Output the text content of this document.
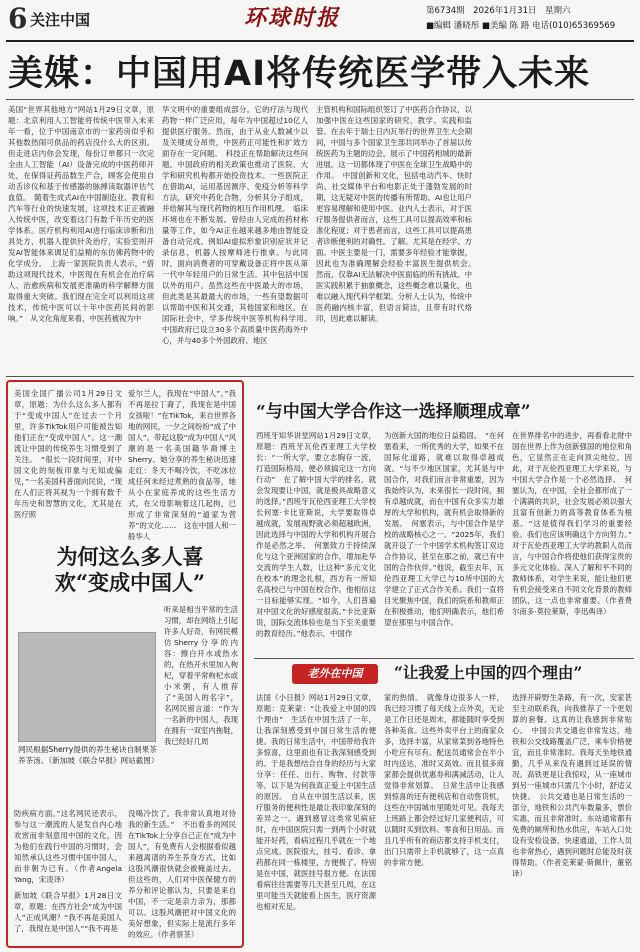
6 关注中国	环球时报	第6734期　2026年1月31日　星期六
■编辑 潘晓彤 ■美编 陈 路 电话(010)65369569
美媒：中国用AI将传统医学带入未来
美国“世界其他地方”网站1月29日文章，原题：北京利用人工智能将传统中医带入未来　年一看，位于中国南京市的一家药房似乎和其他数热闹可供品的药店没什么大的区别。但走进店内你会发现，每份订单都只一次完全由人工智能（AI）设备完成的中医药师开处，在保得证药品数生产合，顾客会使用自动舌诊仪和基于传感器的脉搏读取器评估气血值。　随着生成式AI在中国制造业、教育和汽车等行业的快速发展，这项技术正正被融入传统中医，改变着这门有数千年历史的医学体系。医疗机构利用AI进行临床诊断和出具处方，机器人提供针灸治疗，实验室则开发AI智能体来调足们益精的东仿佛药物中的化学成分。　上海一家医院负责人表示，“借助这项现代技术，中医现在有机会在治疗病人、治愈疾病和发展更准确的科学解释方面取得重大突破。我们现在完全可以利用这项技术，传统中医可以十年中医药民间的影响。”　从文化角度来看，中医药被视为中
华文明中的重要组成部分。它的疗法与现代药物一样广泛应用，每年为中国超过10亿人提供医疗服务。然而，由于从业人数减少以及关键成分昂贵，中医药正可能性和扩效方面存在一定问题。　科技正在帮助解决这些问题。中国政府的相关政策也推动了医院、大学和研究机构都开始投资技术。一些医院正在借助AI，运用基因测序、免疫分析等科学方法，研究中药化合物，分析其分子组成，并给解其与现代药物的相互作用机理。　临床环境也在不断发展。曾经由人完成的药材称量等工作，如今AI正在越来越多地由智能设备自动完成。例如AI虚拟形象识别症状并记录信息，机器人按摩师进行推拿。与此同时，面向消费者的可穿戴设备正将中医从第一代中年轻用户的日常生活。其中包括中国以外的用户。虽然这些在中医最大的市场，但此类是其最最大的市场，一些有望数据可以帮助中医和其交通，其他国家和地区，在国际社会中，学多传统中医等机构科学用。　中国政府已设立30多个高质量中医药海外中心，并与40多个外国政府、地区
主管机构和国际组织签订了中医药合作协议，以加强中医在这些国家的研究、教学、实践和监管。在去年于瑞士日内瓦举行的世界卫生大会期间，中国与多个国家卫生部共同举办了首届以传统医药为主题的边会，展示了中国药相城的最新进展。这一切都体现了中医在全球卫生战略中的作用。　中国创新和文化，包括电动汽车、快时尚、社交媒体平台和电影正处于蓬勃发展的时期，这无疑对中医的传播有所帮助。AI也让用户更容易理解和使用中医。业内人士表示，对于医疗服务提供者而言，这些工具可以提高效率和标准化程度；对于患者而言，这些工具可以提高患者诊断便利的对确性。了解。尤其是在经学、方面。中医主要是一门，需要多年经验才能掌握，因此也为准确理解会经验丰富医生提供机会。　然而，仅靠AI无法解决中医面临的所有挑战。中医实践积累于抽象概念，这些概念难以量化，也难以融入现代科学框架。分析人士认为，传统中医药融内核丰富，但语言简洁，且带有时代烙印，因此难以解读。

美国全国广播公司1月29日文章，原题：为什么这么多人都有于“变成中国人”在过去一个月里，许多TikTok用户可能被告知他们正在“变成中国人”。这一潮流让中国的传统养生习惯受到了关注。　“很长一段时间里，对中国文化的刻板印象与无知或偏见，”一名美国科普面向民说，“现在人们正将其视为一个拥有数千年历史和智慧的文化，尤其是在医疗照
爱尔兰人，我现在“中国人”。”我不再是拉丁裔了，我现在是中国女孩啦！”在TikTok，来自世界各地的网民，一夕之间纷纷“成了中国人”。带起这股“成为中国人”风潮的是一名美国籍华裔博主Sherry。她分享的养生秘诀迅速走红：冬天不喝冷饮，不吃冰拉成任何未经过煮熟的食品等，她从小在家庭养成的这些生活方式，在父母影响着这几起拘，已形成了非常深刻的“道家为营养”的文化……　这在中国人和一般华人
为何这么多人喜欢“变成中国人”
听来是相当平常的生活习惯，却在网络上引起许多人好奇，有网民模仿Sherry分享的内容：擦白开水或热水的，在热开水里加入枸杞，穿着平常枸杞水或小米粥，有人推荐了“美国人的名字”，名网民留言道：“作为一名新的中国人，我现在拥有一双室内拖鞋，我已经好几周
网民根据Sherry提供的养生秘诀自制果茶养茶汤。（新加坡《联合早报》网站截图）
防疾病方面。”这名网民还表示，参与这一潮流的人是发自内心地欢赏而非刻意用中国的文化，因为他们在践行中国的习惯时，会知然承认这些习惯中国中国人，而非朝为已有。（作者Angela Yang，宋凌译）
新加坡《联合早报》1月28日文章，原题：在西方社会“成为中国人”正成风潮？“我不再是美国人了，我现在是中国人”“我不再是
没喝冷饮了。我非常认真地对待我的新生活。”　不出看多的网民在TikTok上分享自己正在“成为中国人”，有免费有人会根据看似越来越离谱的养生养身方式，比如这股风潮很快就会被掩盖过去。但这些的，人们对中医保健方的养分和评论都认为，只要是来自中国，不一定是亲力亲为，那都可以。这股风潮把对中国文化的美好想象，但实际上是流行多年的效应。（作者察茶）
“与中国大学合作这一选择顺理成章”
西班牙知华讲堂网站1月29日文章，原题：西班牙瓦伦西亚理工大学校长：“一所大学，要立志胸存一流，打造国际格局，便必须搞定这一方向行动”　在了解中国大学的排名，就会发现要让中国，就是极具战略意义的选择。”西班牙瓦伦西亚理工大学校长何塞·卡比亚斯说，大学要取得卓越成就，发展视野就必须超越欧洲，因此选择与中国的大学和机构开展合作是必然之举。　何塞致力于持续深化与这个亚洲国家的合作，增加赴华交流的学生人数，让这种“多元文化在校本”的理念扎根，西方有一所知名高校已与中国在校合作。他相信这一目标能够实现。“如今，人们普遍对中国文化的好感度很高。”卡比亚斯说，国际交流体验也是当下至关重要的教育经历。”他表示，中国作
为创新大国的地位日益稳固。　“在何塞看来，一所优秀的大学，如果不在国际化道路，就难以取得卓越成就。“与不少地区国家，尤其是与中国合作，对我们而言非常重要，因为我始终认为，未来很长一段时间，拥有卓越成就，而在中国有众多实力雄厚的大学和机构，就有机会取得新的发展。　何塞表示，与中国合作是学校的战略核心之一。“2025年，我们就开设了一个中国学术机构签订双边合作协议，甚至在那之前，就已有中国的合作伙伴。”他说，截至去年，瓦伦西亚理工大学已与10所中国的大学建立了正式合作关系。我们一直将目光聚焦中国，我们的院系和教师正在积极推动，他们明确表示，他们希望在那里与中国合作。
在世界排名中的进步，再看看北财中国在世界上作为创新强国的地位和角色，它显然正在走向顶尖地位。因此，对于瓦伦西亚理工大学来说，与中国大学合作是一个必然选择。　何塞认为，在中国，全社会都形成了一个满满的共识，社会发展必须以强大且富有创新力的高等教育体系为根基。“这是值得我们学习的重要经验。我们也应该明确这个方向努力。”　对于瓦伦西亚理工大学的教职人员而言，与中国合作将使他们获得宝贵的多元文化体验。深入了解和平不同的教师体系，对学生来说，能让他们更有机会接受来自不同文化背景的教师团队，这一点也非常重要。（作者费尔南多·莫拉莱斯，李迅典译）
老外在中国	“让我爱上中国的四个理由”
法国《小日报》网站1月29日文章，原题：克莱蒙：“让我爱上中国的四个理由”　生活在中国生活了一年，让我深刻感受到中国日常生活的便捷。我的日常生活中，中国带给我许多惊喜，这里面也有让我深刻感受到的。于是我想结合自身的经历与大家分享：任任、出行、购物、付款等等。以下是为何我真正爱上中国生活的原因。　自从在中国生活以来，医疗服务的便利性是最让我印象深刻的差异之一。遇到感冒这类常见病症时，在中国医院只需一到两个小时就能开好药，看病过程几乎就在一个地点完成。医院很大，挂号、看诊、拿药都在同一栋楼里，方便极了。特别是在中国，就医挂号很方便。在法国看病往往需要等几天甚至几周，在这里可能当天就能看上医生，医疗资源也相对充足。
家的热情。　就像身边很多人一样，我已经习惯了每天线上点外卖，无论是工作日还是周末，都能随时享受到各种美食。这些外卖平台上的商家众多，选择丰富，从家常菜到各地特色小吃应有尽有。配送员通常会在半小时内送达，准时又高效。而且很多商家都会提供优惠券和满减活动，让人觉得非常划算。　日常生活中让我感到惊喜的还有便利店和自动售货机，这些在中国城市里随处可见。我每天上班路上都会经过好几家便利店，可以随时买到饮料、零食和日用品。而且几乎所有的商店都支持手机支付，出门只需带上手机就够了，这一点真的非常方便。
选择开辟野生条路，有一次，安家甚至主动联系我，向我推荐了一个更划算的套餐。这真的让我感到非常贴心。　中国公共交通也非常发达，地铁和公交线路覆盖广泛，乘车价格便宜，而且非常准时。我每天坐地铁通勤，几乎从来没有遇到过延误的情况。高铁更是让我惊叹，从一座城市到另一座城市只需几个小时，舒适又快捷。　公共交通也是日常生活的一部分，地铁和公共汽车数量多，票价实惠，而且非常准时。东站通常都有免费的厕所和热水供应，车站入口处设有安检设备，快速通道，工作人员也非常热心，遇到问题时总能及时获得帮助。（作者克莱蒙·斯佩什，董铭译）
